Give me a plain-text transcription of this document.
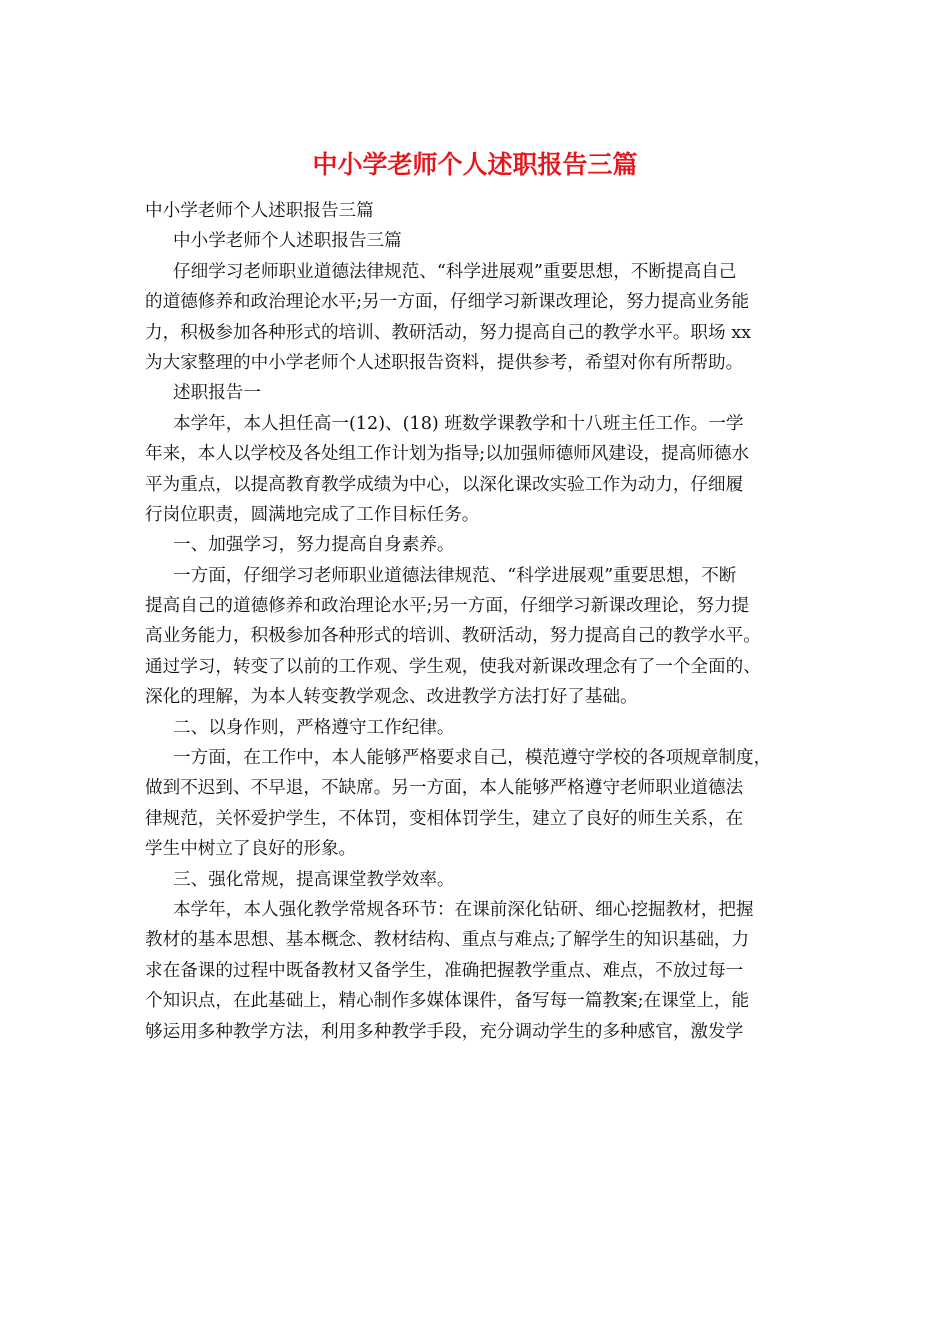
中小学老师个人述职报告三篇

中小学老师个人述职报告三篇

中小学老师个人述职报告三篇

仔细学习老师职业道德法律规范、“科学进展观”重要思想，不断提高自己

的道德修养和政治理论水平;另一方面，仔细学习新课改理论，努力提高业务能

力，积极参加各种形式的培训、教研活动，努力提高自己的教学水平。职场 xx

为大家整理的中小学老师个人述职报告资料，提供参考，希望对你有所帮助。

述职报告一

本学年，本人担任高一(12)、(18) 班数学课教学和十八班主任工作。一学

年来，本人以学校及各处组工作计划为指导;以加强师德师风建设，提高师德水

平为重点，以提高教育教学成绩为中心，以深化课改实验工作为动力，仔细履

行岗位职责，圆满地完成了工作目标任务。

一、加强学习，努力提高自身素养。

一方面，仔细学习老师职业道德法律规范、“科学进展观”重要思想，不断

提高自己的道德修养和政治理论水平;另一方面，仔细学习新课改理论，努力提

高业务能力，积极参加各种形式的培训、教研活动，努力提高自己的教学水平。

通过学习，转变了以前的工作观、学生观，使我对新课改理念有了一个全面的、

深化的理解，为本人转变教学观念、改进教学方法打好了基础。

二、以身作则，严格遵守工作纪律。

一方面，在工作中，本人能够严格要求自己，模范遵守学校的各项规章制度，

做到不迟到、不早退，不缺席。另一方面，本人能够严格遵守老师职业道德法

律规范，关怀爱护学生，不体罚，变相体罚学生，建立了良好的师生关系，在

学生中树立了良好的形象。

三、强化常规，提高课堂教学效率。

本学年，本人强化教学常规各环节：在课前深化钻研、细心挖掘教材，把握

教材的基本思想、基本概念、教材结构、重点与难点;了解学生的知识基础，力

求在备课的过程中既备教材又备学生，准确把握教学重点、难点，不放过每一

个知识点，在此基础上，精心制作多媒体课件，备写每一篇教案;在课堂上，能

够运用多种教学方法，利用多种教学手段，充分调动学生的多种感官，激发学
